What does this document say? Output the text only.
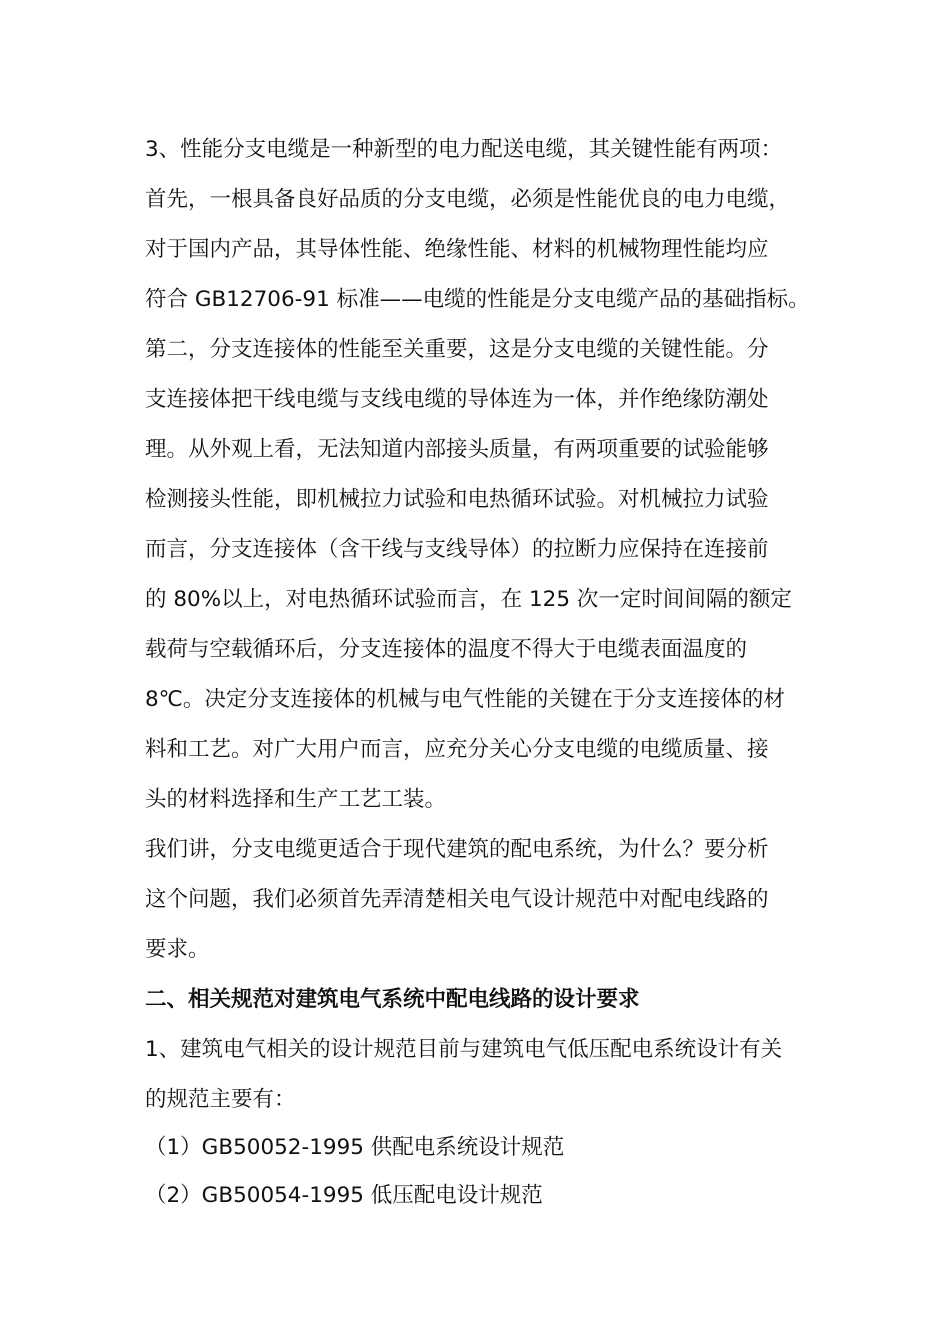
3、性能分支电缆是一种新型的电力配送电缆，其关键性能有两项：
首先，一根具备良好品质的分支电缆，必须是性能优良的电力电缆，
对于国内产品，其导体性能、绝缘性能、材料的机械物理性能均应
符合 GB12706-91 标准——电缆的性能是分支电缆产品的基础指标。
第二，分支连接体的性能至关重要，这是分支电缆的关键性能。分
支连接体把干线电缆与支线电缆的导体连为一体，并作绝缘防潮处
理。从外观上看，无法知道内部接头质量，有两项重要的试验能够
检测接头性能，即机械拉力试验和电热循环试验。对机械拉力试验
而言，分支连接体（含干线与支线导体）的拉断力应保持在连接前
的 80%以上，对电热循环试验而言，在 125 次一定时间间隔的额定
载荷与空载循环后，分支连接体的温度不得大于电缆表面温度的
8℃。决定分支连接体的机械与电气性能的关键在于分支连接体的材
料和工艺。对广大用户而言，应充分关心分支电缆的电缆质量、接
头的材料选择和生产工艺工装。
我们讲，分支电缆更适合于现代建筑的配电系统，为什么？要分析
这个问题，我们必须首先弄清楚相关电气设计规范中对配电线路的
要求。
二、相关规范对建筑电气系统中配电线路的设计要求
1、建筑电气相关的设计规范目前与建筑电气低压配电系统设计有关
的规范主要有：
（1）GB50052-1995 供配电系统设计规范
（2）GB50054-1995 低压配电设计规范
